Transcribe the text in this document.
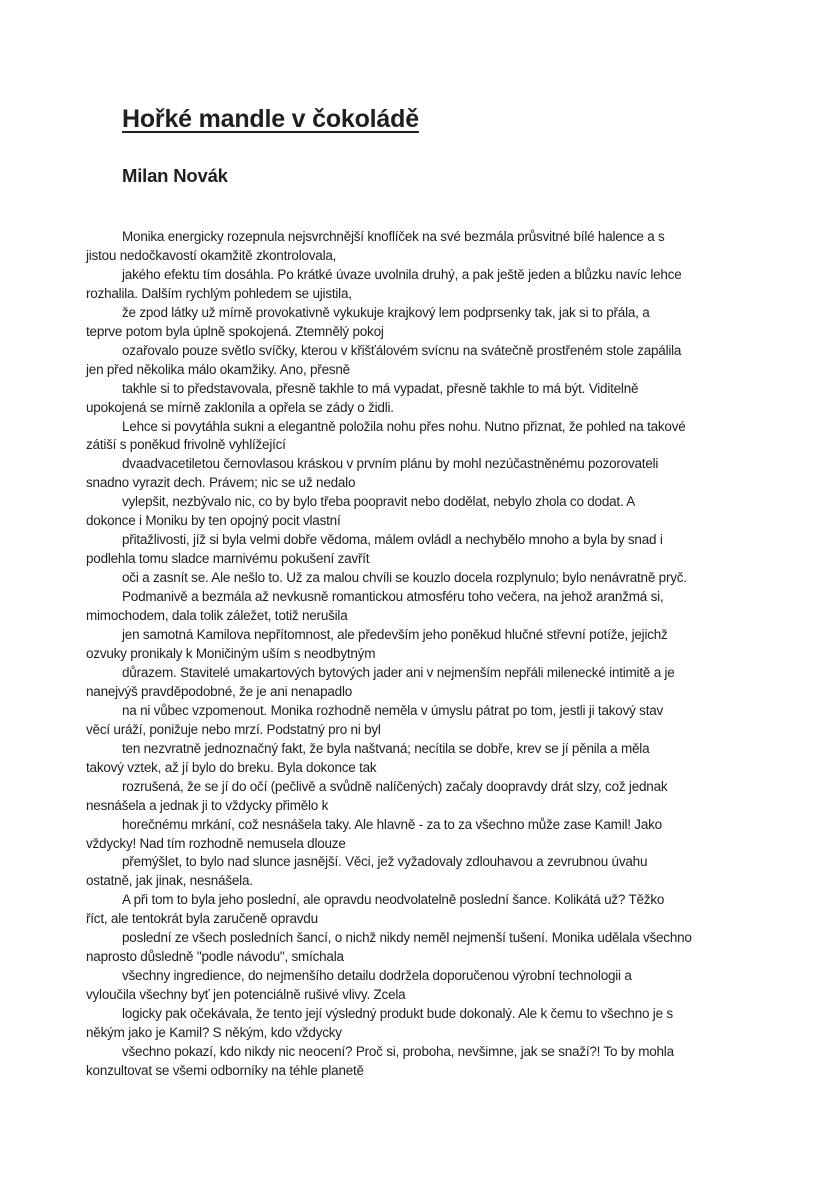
Hořké mandle v čokoládě
Milan Novák
Monika energicky rozepnula nejsvrchnější knoflíček na své bezmála průsvitné bílé halence a s
jistou nedočkavostí okamžitě zkontrolovala,
jakého efektu tím dosáhla. Po krátké úvaze uvolnila druhý, a pak ještě jeden a blůzku navíc lehce
rozhalila. Dalším rychlým pohledem se ujistila,
že zpod látky už mírně provokativně vykukuje krajkový lem podprsenky tak, jak si to přála, a
teprve potom byla úplně spokojená. Ztemnělý pokoj
ozařovalo pouze světlo svíčky, kterou v křišťálovém svícnu na svátečně prostřeném stole zapálila
jen před několika málo okamžiky. Ano, přesně
takhle si to představovala, přesně takhle to má vypadat, přesně takhle to má být. Viditelně
upokojená se mírně zaklonila a opřela se zády o židli.
Lehce si povytáhla sukni a elegantně položila nohu přes nohu. Nutno přiznat, že pohled na takové
zátiší s poněkud frivolně vyhlížející
dvaadvacetiletou černovlasou kráskou v prvním plánu by mohl nezúčastněnému pozorovateli
snadno vyrazit dech. Právem; nic se už nedalo
vylepšit, nezbývalo nic, co by bylo třeba poopravit nebo dodělat, nebylo zhola co dodat. A
dokonce i Moniku by ten opojný pocit vlastní
přitažlivosti, jíž si byla velmi dobře vědoma, málem ovládl a nechybělo mnoho a byla by snad i
podlehla tomu sladce marnivému pokušení zavřít
oči a zasnít se. Ale nešlo to. Už za malou chvíli se kouzlo docela rozplynulo; bylo nenávratně pryč.
Podmanivě a bezmála až nevkusně romantickou atmosféru toho večera, na jehož aranžmá si,
mimochodem, dala tolik záležet, totiž nerušila
jen samotná Kamilova nepřítomnost, ale především jeho poněkud hlučné střevní potíže, jejichž
ozvuky pronikaly k Moničiným uším s neodbytným
důrazem. Stavitelé umakartových bytových jader ani v nejmenším nepřáli milenecké intimitě a je
nanejvýš pravděpodobné, že je ani nenapadlo
na ni vůbec vzpomenout. Monika rozhodně neměla v úmyslu pátrat po tom, jestli ji takový stav
věcí uráží, ponižuje nebo mrzí. Podstatný pro ni byl
ten nezvratně jednoznačný fakt, že byla naštvaná; necítila se dobře, krev se jí pěnila a měla
takový vztek, až jí bylo do breku. Byla dokonce tak
rozrušená, že se jí do očí (pečlivě a svůdně nalíčených) začaly doopravdy drát slzy, což jednak
nesnášela a jednak ji to vždycky přimělo k
horečnému mrkání, což nesnášela taky. Ale hlavně - za to za všechno může zase Kamil! Jako
vždycky! Nad tím rozhodně nemusela dlouze
přemýšlet, to bylo nad slunce jasnější. Věci, jež vyžadovaly zdlouhavou a zevrubnou úvahu
ostatně, jak jinak, nesnášela.
A při tom to byla jeho poslední, ale opravdu neodvolatelně poslední šance. Kolikátá už? Těžko
říct, ale tentokrát byla zaručeně opravdu
poslední ze všech posledních šancí, o nichž nikdy neměl nejmenší tušení. Monika udělala všechno
naprosto důsledně "podle návodu", smíchala
všechny ingredience, do nejmenšího detailu dodržela doporučenou výrobní technologii a
vyloučila všechny byť jen potenciálně rušivé vlivy. Zcela
logicky pak očekávala, že tento její výsledný produkt bude dokonalý. Ale k čemu to všechno je s
někým jako je Kamil? S někým, kdo vždycky
všechno pokazí, kdo nikdy nic neocení? Proč si, proboha, nevšimne, jak se snaží?! To by mohla
konzultovat se všemi odborníky na téhle planetě
